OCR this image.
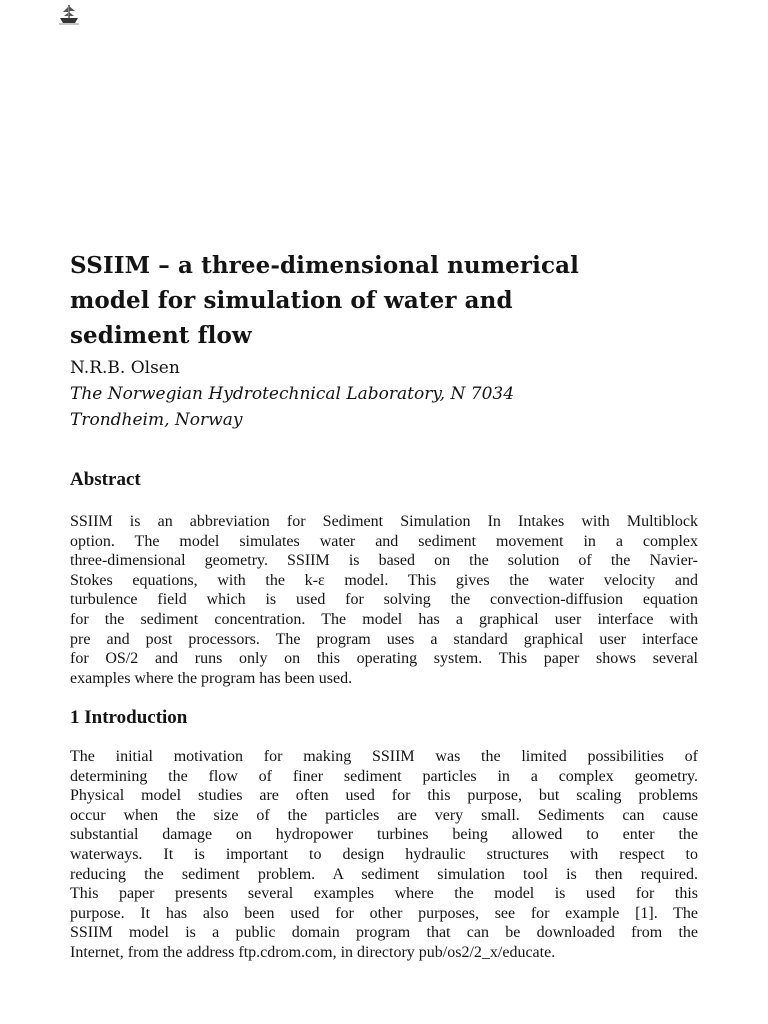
SSIIM – a three-dimensional numerical
model for simulation of water and
sediment flow

N.R.B. Olsen

The Norwegian Hydrotechnical Laboratory, N 7034
Trondheim, Norway

Abstract
SSIIM is an abbreviation for Sediment Simulation In Intakes with Multiblock
option. The model simulates water and sediment movement in a complex
three-dimensional geometry. SSIIM is based on the solution of the Navier-
Stokes equations, with the k-ε model. This gives the water velocity and
turbulence field which is used for solving the convection-diffusion equation
for the sediment concentration. The model has a graphical user interface with
pre and post processors. The program uses a standard graphical user interface
for OS/2 and runs only on this operating system. This paper shows several
examples where the program has been used.
1 Introduction
The initial motivation for making SSIIM was the limited possibilities of
determining the flow of finer sediment particles in a complex geometry.
Physical model studies are often used for this purpose, but scaling problems
occur when the size of the particles are very small. Sediments can cause
substantial damage on hydropower turbines being allowed to enter the
waterways. It is important to design hydraulic structures with respect to
reducing the sediment problem. A sediment simulation tool is then required.
This paper presents several examples where the model is used for this
purpose. It has also been used for other purposes, see for example [1]. The
SSIIM model is a public domain program that can be downloaded from the
Internet, from the address ftp.cdrom.com, in directory pub/os2/2_x/educate.
